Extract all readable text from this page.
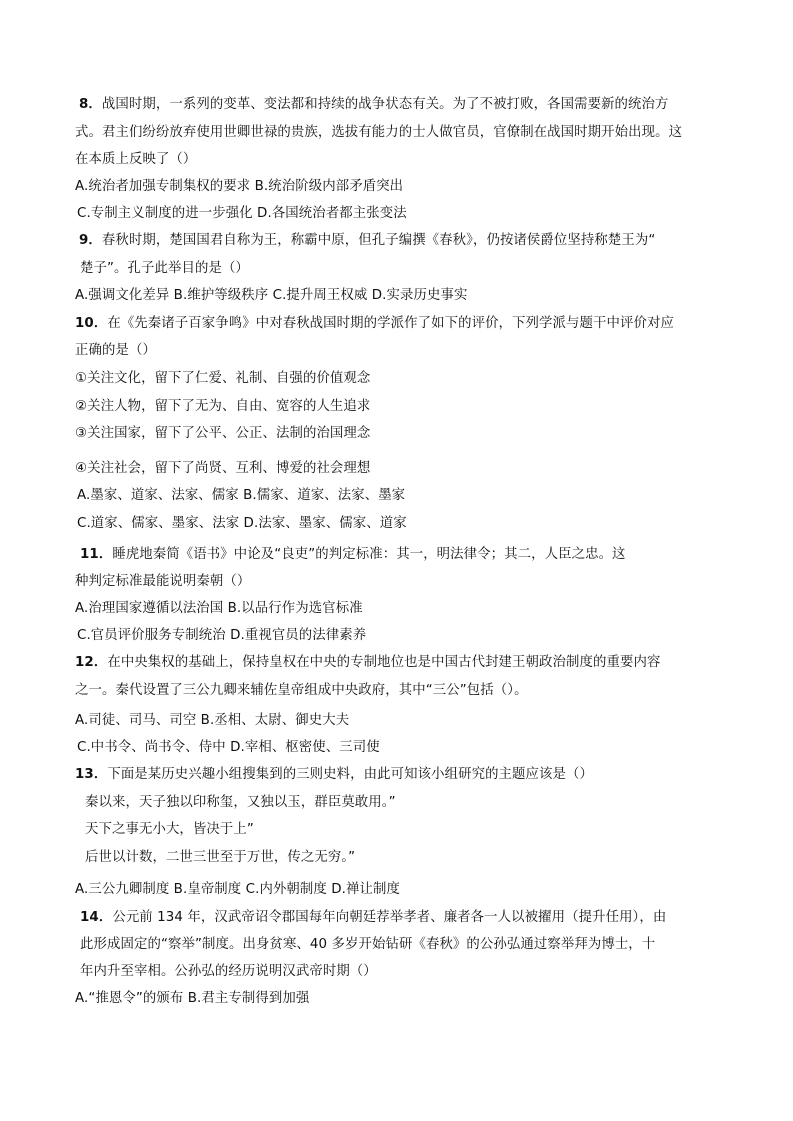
8．战国时期，一系列的变革、变法都和持续的战争状态有关。为了不被打败，各国需要新的统治方
式。君主们纷纷放弃使用世卿世禄的贵族，选拔有能力的士人做官员，官僚制在战国时期开始出现。这
在本质上反映了（）
A.统治者加强专制集权的要求 B.统治阶级内部矛盾突出
C.专制主义制度的进一步强化 D.各国统治者都主张变法
9．春秋时期，楚国国君自称为王，称霸中原，但孔子编撰《春秋》，仍按诸侯爵位坚持称楚王为“
楚子”。孔子此举目的是（）
A.强调文化差异 B.维护等级秩序 C.提升周王权威 D.实录历史事实
10．在《先秦诸子百家争鸣》中对春秋战国时期的学派作了如下的评价，下列学派与题干中评价对应
正确的是（）
①关注文化，留下了仁爱、礼制、自强的价值观念
②关注人物，留下了无为、自由、宽容的人生追求
③关注国家，留下了公平、公正、法制的治国理念
④关注社会，留下了尚贤、互利、博爱的社会理想
A.墨家、道家、法家、儒家 B.儒家、道家、法家、墨家
C.道家、儒家、墨家、法家 D.法家、墨家、儒家、道家
11．睡虎地秦简《语书》中论及“良吏”的判定标准：其一，明法律令；其二，人臣之忠。这
种判定标准最能说明秦朝（）
A.治理国家遵循以法治国 B.以品行作为选官标准
C.官员评价服务专制统治 D.重视官员的法律素养
12．在中央集权的基础上，保持皇权在中央的专制地位也是中国古代封建王朝政治制度的重要内容
之一。秦代设置了三公九卿来辅佐皇帝组成中央政府，其中“三公”包括（）。
A.司徒、司马、司空 B.丞相、太尉、御史大夫
C.中书令、尚书令、侍中 D.宰相、枢密使、三司使
13．下面是某历史兴趣小组搜集到的三则史料，由此可知该小组研究的主题应该是（）
秦以来，天子独以印称玺，又独以玉，群臣莫敢用。”
天下之事无小大，皆决于上”
后世以计数，二世三世至于万世，传之无穷。”
A.三公九卿制度 B.皇帝制度 C.内外朝制度 D.禅让制度
14．公元前 134 年，汉武帝诏令郡国每年向朝廷荐举孝者、廉者各一人以被擢用（提升任用），由
此形成固定的“察举”制度。出身贫寒、40 多岁开始钻研《春秋》的公孙弘通过察举拜为博士，十
年内升至宰相。公孙弘的经历说明汉武帝时期（）
A.“推恩令”的颁布 B.君主专制得到加强
